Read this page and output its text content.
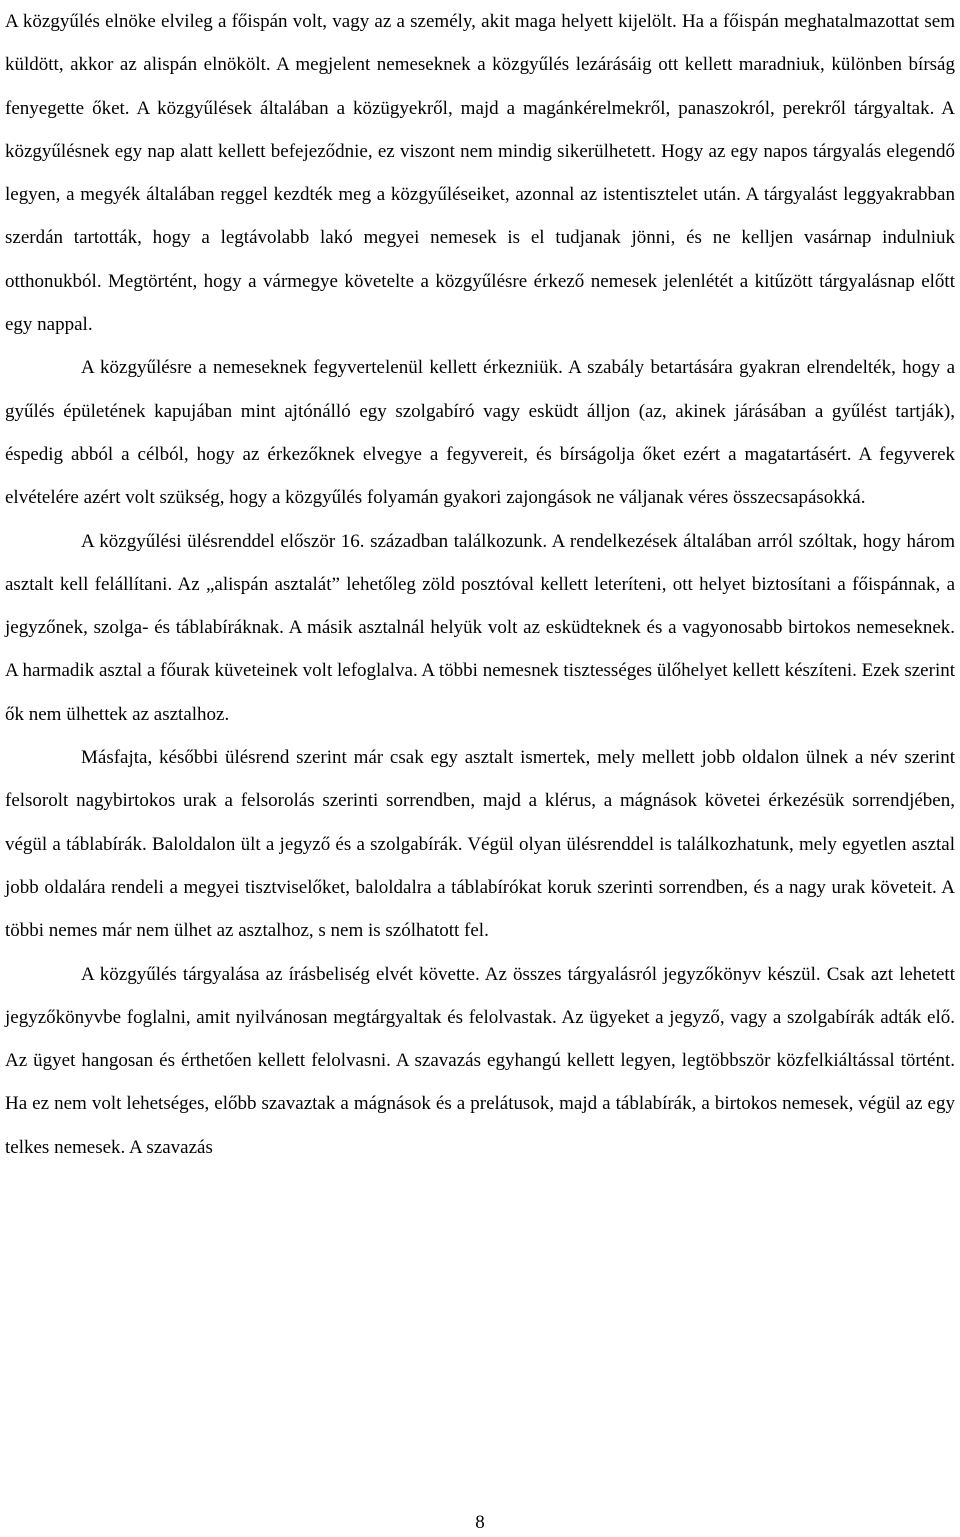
A közgyűlés elnöke elvileg a főispán volt, vagy az a személy, akit maga helyett kijelölt. Ha a főispán meghatalmazottat sem küldött, akkor az alispán elnökölt. A megjelent nemeseknek a közgyűlés lezárásáig ott kellett maradniuk, különben bírság fenyegette őket. A közgyűlések általában a közügyekről, majd a magánkérelmekről, panaszokról, perekről tárgyaltak. A közgyűlésnek egy nap alatt kellett befejeződnie, ez viszont nem mindig sikerülhetett. Hogy az egy napos tárgyalás elegendő legyen, a megyék általában reggel kezdték meg a közgyűléseiket, azonnal az istentisztelet után. A tárgyalást leggyakrabban szerdán tartották, hogy a legtávolabb lakó megyei nemesek is el tudjanak jönni, és ne kelljen vasárnap indulniuk otthonukból. Megtörtént, hogy a vármegye követelte a közgyűlésre érkező nemesek jelenlétét a kitűzött tárgyalásnap előtt egy nappal.

A közgyűlésre a nemeseknek fegyvertelenül kellett érkezniük. A szabály betartására gyakran elrendelték, hogy a gyűlés épületének kapujában mint ajtónálló egy szolgabíró vagy esküdt álljon (az, akinek járásában a gyűlést tartják), éspedig abból a célból, hogy az érkezőknek elvegye a fegyvereit, és bírságolja őket ezért a magatartásért. A fegyverek elvételére azért volt szükség, hogy a közgyűlés folyamán gyakori zajongások ne váljanak véres összecsapásokká.

A közgyűlési ülésrenddel először 16. században találkozunk. A rendelkezések általában arról szóltak, hogy három asztalt kell felállítani. Az „alispán asztalát” lehetőleg zöld posztóval kellett leteríteni, ott helyet biztosítani a főispánnak, a jegyzőnek, szolga- és táblabíráknak. A másik asztalnál helyük volt az esküdteknek és a vagyonosabb birtokos nemeseknek. A harmadik asztal a főurak küveteinek volt lefoglalva. A többi nemesnek tisztességes ülőhelyet kellett készíteni. Ezek szerint ők nem ülhettek az asztalhoz.

Másfajta, későbbi ülésrend szerint már csak egy asztalt ismertek, mely mellett jobb oldalon ülnek a név szerint felsorolt nagybirtokos urak a felsorolás szerinti sorrendben, majd a klérus, a mágnások követei érkezésük sorrendjében, végül a táblabírák. Baloldalon ült a jegyző és a szolgabírák. Végül olyan ülésrenddel is találkozhatunk, mely egyetlen asztal jobb oldalára rendeli a megyei tisztviselőket, baloldalra a táblabírókat koruk szerinti sorrendben, és a nagy urak követeit. A többi nemes már nem ülhet az asztalhoz, s nem is szólhatott fel.

A közgyűlés tárgyalása az írásbeliség elvét követte. Az összes tárgyalásról jegyzőkönyv készül. Csak azt lehetett jegyzőkönyvbe foglalni, amit nyilvánosan megtárgyaltak és felolvastak. Az ügyeket a jegyző, vagy a szolgabírák adták elő. Az ügyet hangosan és érthetően kellett felolvasni. A szavazás egyhangú kellett legyen, legtöbbször közfelkiáltással történt. Ha ez nem volt lehetséges, előbb szavaztak a mágnások és a prelátusok, majd a táblabírák, a birtokos nemesek, végül az egy telkes nemesek. A szavazás

8
